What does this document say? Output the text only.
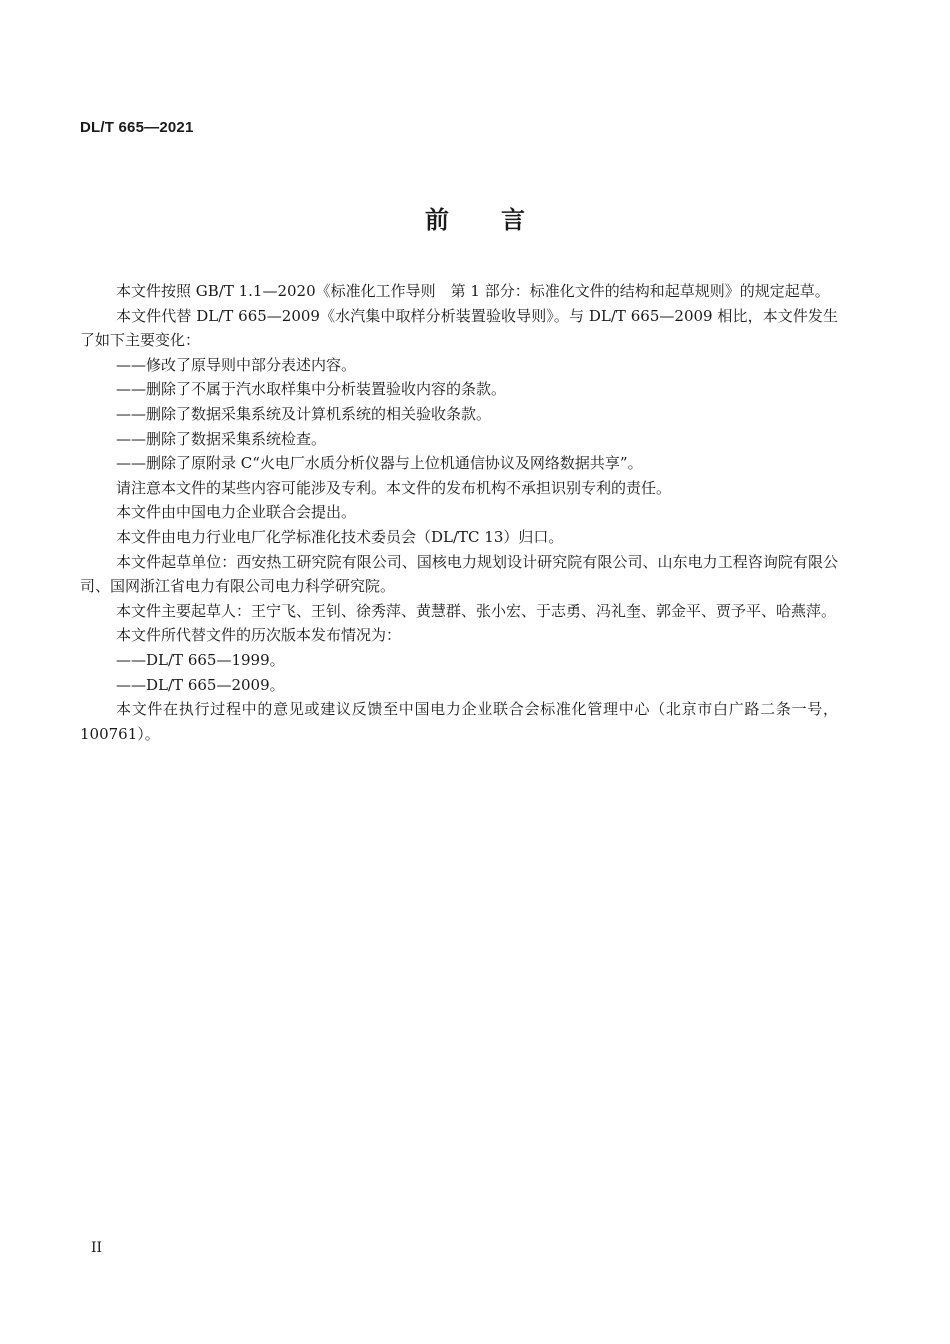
DL/T 665—2021
前言

本文件按照 GB/T 1.1—2020《标准化工作导则　第 1 部分：标准化文件的结构和起草规则》的规定起草。

本文件代替 DL/T 665—2009《水汽集中取样分析装置验收导则》。与 DL/T 665—2009 相比，本文件发生了如下主要变化：

——修改了原导则中部分表述内容。

——删除了不属于汽水取样集中分析装置验收内容的条款。

——删除了数据采集系统及计算机系统的相关验收条款。

——删除了数据采集系统检查。

——删除了原附录 C“火电厂水质分析仪器与上位机通信协议及网络数据共享”。

请注意本文件的某些内容可能涉及专利。本文件的发布机构不承担识别专利的责任。

本文件由中国电力企业联合会提出。

本文件由电力行业电厂化学标准化技术委员会（DL/TC 13）归口。

本文件起草单位：西安热工研究院有限公司、国核电力规划设计研究院有限公司、山东电力工程咨询院有限公司、国网浙江省电力有限公司电力科学研究院。

本文件主要起草人：王宁飞、王钊、徐秀萍、黄慧群、张小宏、于志勇、冯礼奎、郭金平、贾予平、哈燕萍。

本文件所代替文件的历次版本发布情况为：

——DL/T 665—1999。

——DL/T 665—2009。

本文件在执行过程中的意见或建议反馈至中国电力企业联合会标准化管理中心（北京市白广路二条一号，100761）。

II
